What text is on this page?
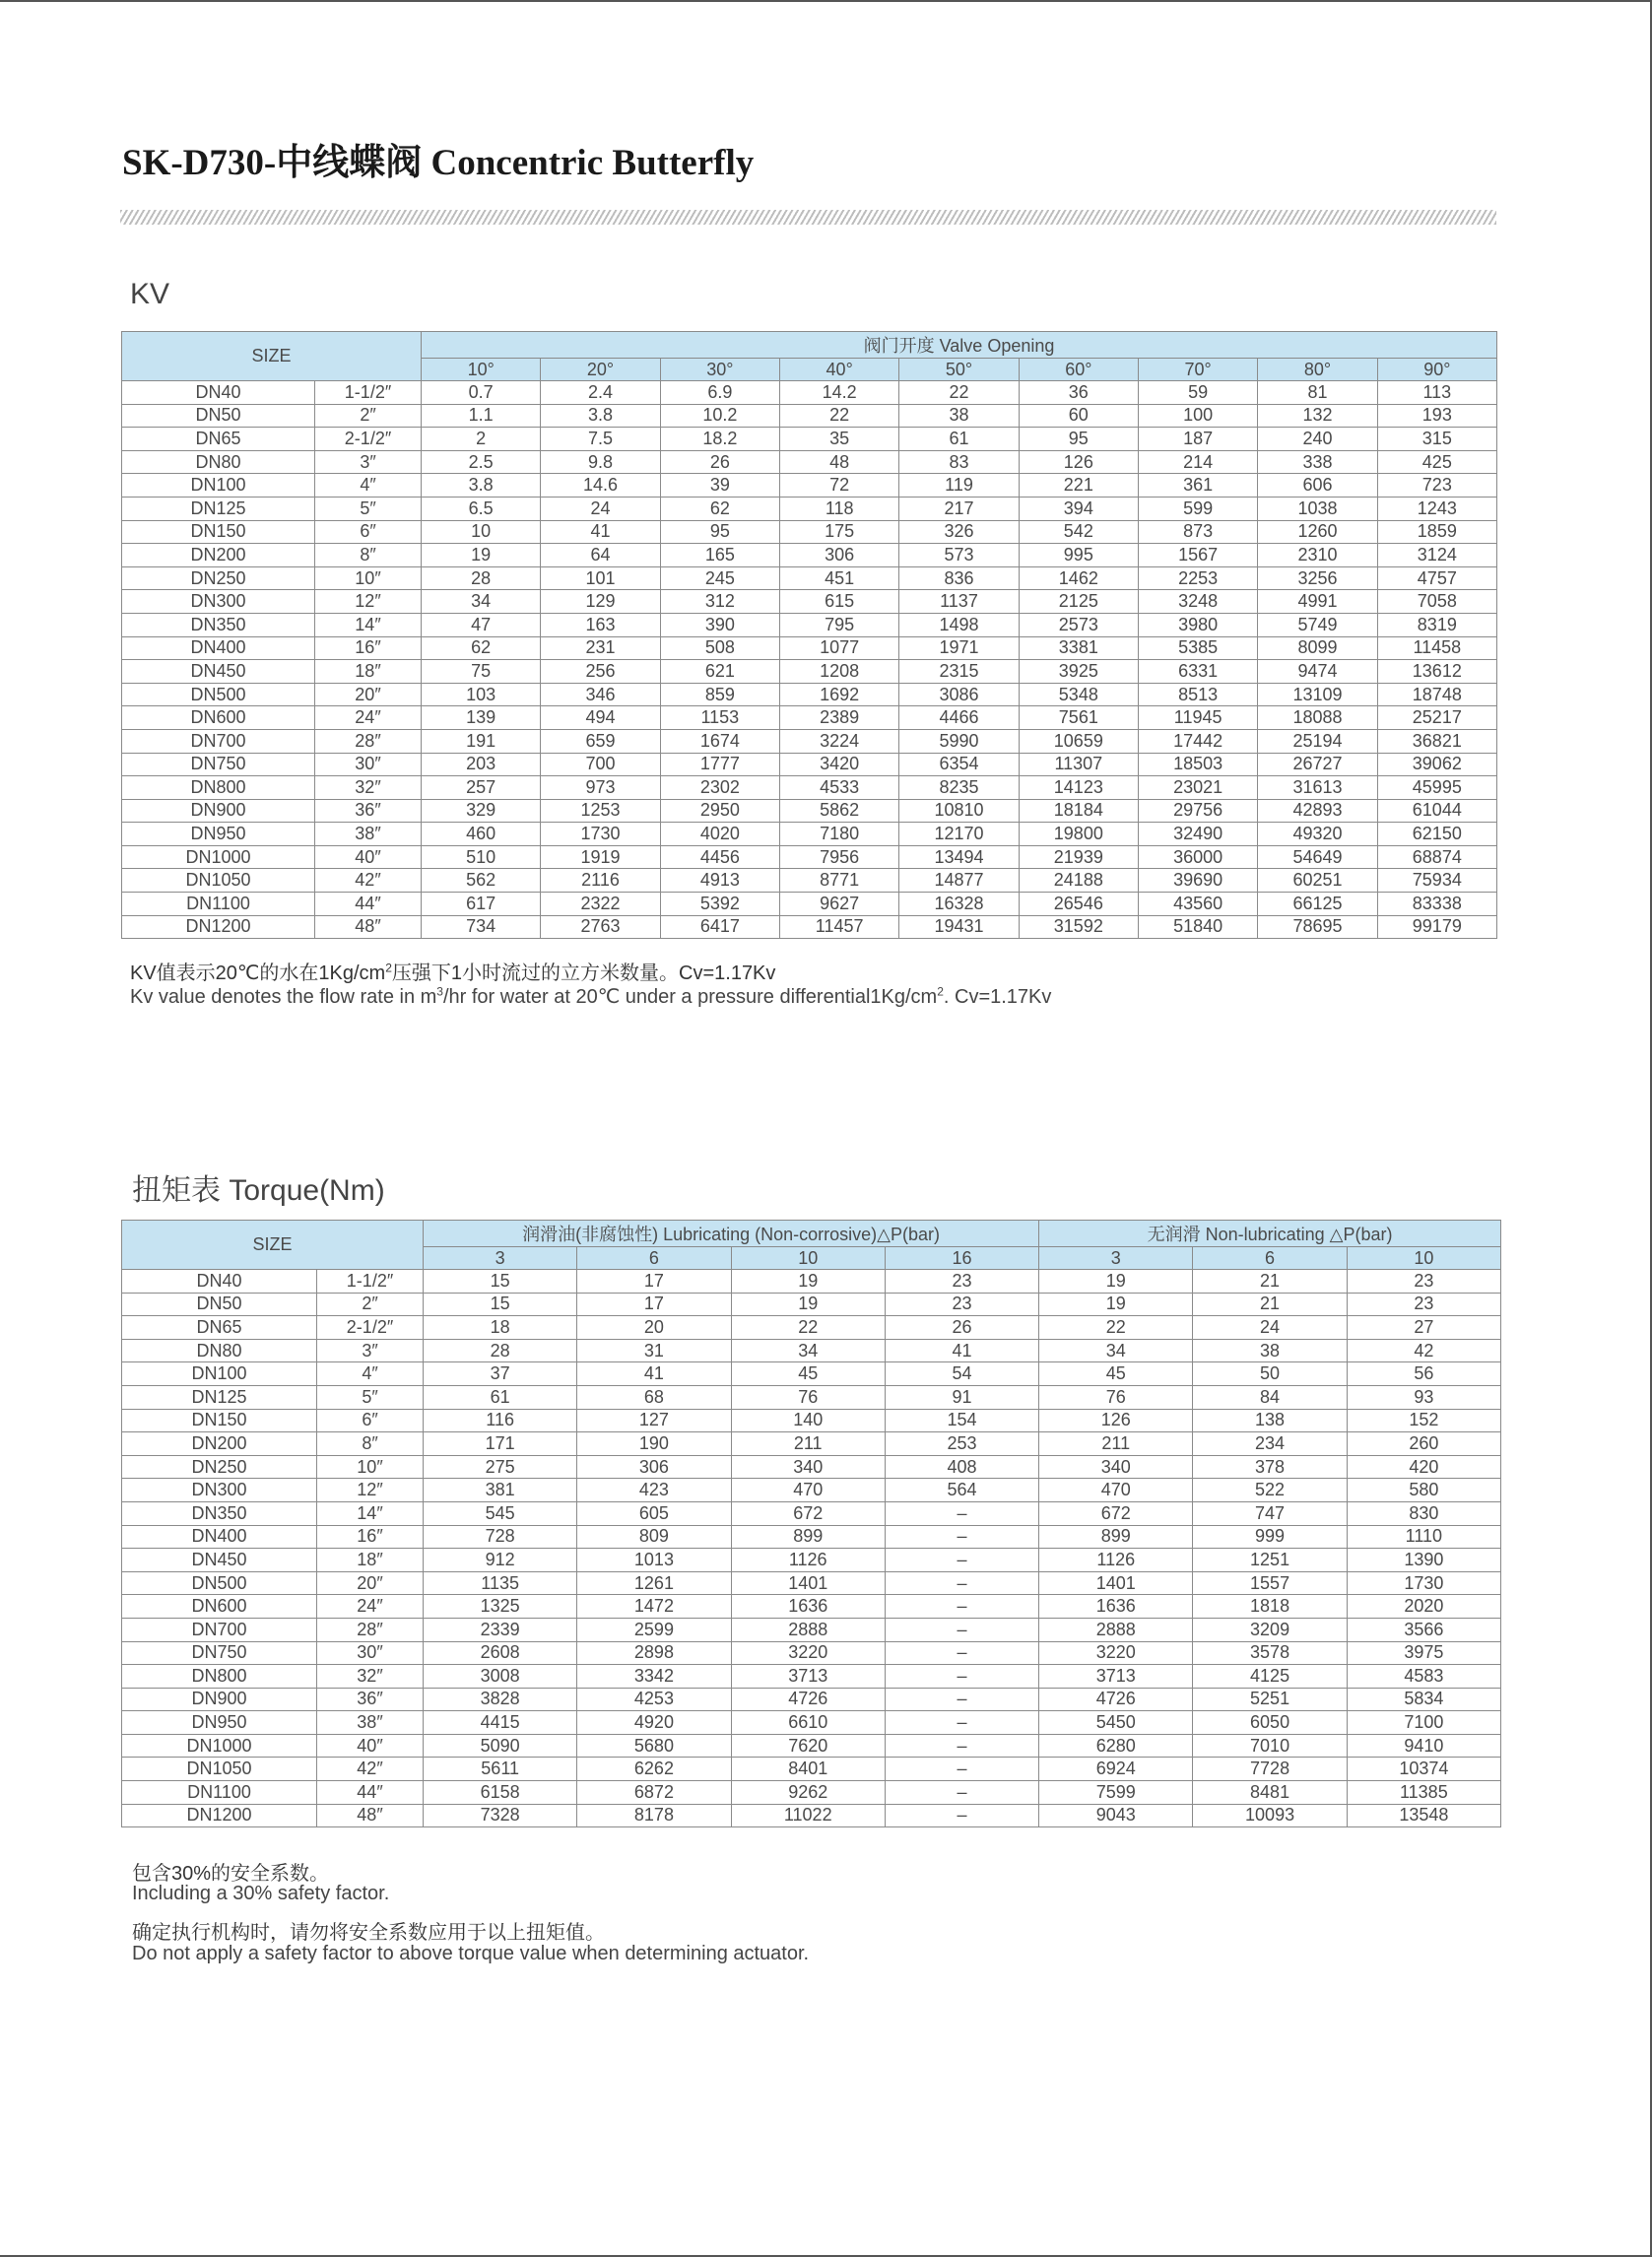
SK-D730-中线蝶阀 Concentric Butterfly
KV
SIZE		阀门开度 Valve Opening								
		10°	20°	30°	40°	50°	60°	70°	80°	90°
DN40	1-1/2″	0.7	2.4	6.9	14.2	22	36	59	81	113
DN50	2″	1.1	3.8	10.2	22	38	60	100	132	193
DN65	2-1/2″	2	7.5	18.2	35	61	95	187	240	315
DN80	3″	2.5	9.8	26	48	83	126	214	338	425
DN100	4″	3.8	14.6	39	72	119	221	361	606	723
DN125	5″	6.5	24	62	118	217	394	599	1038	1243
DN150	6″	10	41	95	175	326	542	873	1260	1859
DN200	8″	19	64	165	306	573	995	1567	2310	3124
DN250	10″	28	101	245	451	836	1462	2253	3256	4757
DN300	12″	34	129	312	615	1137	2125	3248	4991	7058
DN350	14″	47	163	390	795	1498	2573	3980	5749	8319
DN400	16″	62	231	508	1077	1971	3381	5385	8099	11458
DN450	18″	75	256	621	1208	2315	3925	6331	9474	13612
DN500	20″	103	346	859	1692	3086	5348	8513	13109	18748
DN600	24″	139	494	1153	2389	4466	7561	11945	18088	25217
DN700	28″	191	659	1674	3224	5990	10659	17442	25194	36821
DN750	30″	203	700	1777	3420	6354	11307	18503	26727	39062
DN800	32″	257	973	2302	4533	8235	14123	23021	31613	45995
DN900	36″	329	1253	2950	5862	10810	18184	29756	42893	61044
DN950	38″	460	1730	4020	7180	12170	19800	32490	49320	62150
DN1000	40″	510	1919	4456	7956	13494	21939	36000	54649	68874
DN1050	42″	562	2116	4913	8771	14877	24188	39690	60251	75934
DN1100	44″	617	2322	5392	9627	16328	26546	43560	66125	83338
DN1200	48″	734	2763	6417	11457	19431	31592	51840	78695	99179
KV值表示20℃的水在$1Kg/cm^2$压强下1小时流过的立方米数量。Cv=1.17Kv
Kv value denotes the flow rate in $m^3/hr$ for water at 20℃ under a pressure $differential1Kg/cm^2$. Cv=1.17Kv
扭矩表 Torque(Nm)
SIZE		润滑油(非腐蚀性) Lubricating (Non-corrosive)△P(bar)				无润滑 Non-lubricating △P(bar)		
		3	6	10	16	3	6	10
DN40	1-1/2″	15	17	19	23	19	21	23
DN50	2″	15	17	19	23	19	21	23
DN65	2-1/2″	18	20	22	26	22	24	27
DN80	3″	28	31	34	41	34	38	42
DN100	4″	37	41	45	54	45	50	56
DN125	5″	61	68	76	91	76	84	93
DN150	6″	116	127	140	154	126	138	152
DN200	8″	171	190	211	253	211	234	260
DN250	10″	275	306	340	408	340	378	420
DN300	12″	381	423	470	564	470	522	580
DN350	14″	545	605	672	–	672	747	830
DN400	16″	728	809	899	–	899	999	1110
DN450	18″	912	1013	1126	–	1126	1251	1390
DN500	20″	1135	1261	1401	–	1401	1557	1730
DN600	24″	1325	1472	1636	–	1636	1818	2020
DN700	28″	2339	2599	2888	–	2888	3209	3566
DN750	30″	2608	2898	3220	–	3220	3578	3975
DN800	32″	3008	3342	3713	–	3713	4125	4583
DN900	36″	3828	4253	4726	–	4726	5251	5834
DN950	38″	4415	4920	6610	–	5450	6050	7100
DN1000	40″	5090	5680	7620	–	6280	7010	9410
DN1050	42″	5611	6262	8401	–	6924	7728	10374
DN1100	44″	6158	6872	9262	–	7599	8481	11385
DN1200	48″	7328	8178	11022	–	9043	10093	13548
包含30%的安全系数。
Including a 30% safety factor.
确定执行机构时，请勿将安全系数应用于以上扭矩值。
Do not apply a safety factor to above torque value when determining actuator.
